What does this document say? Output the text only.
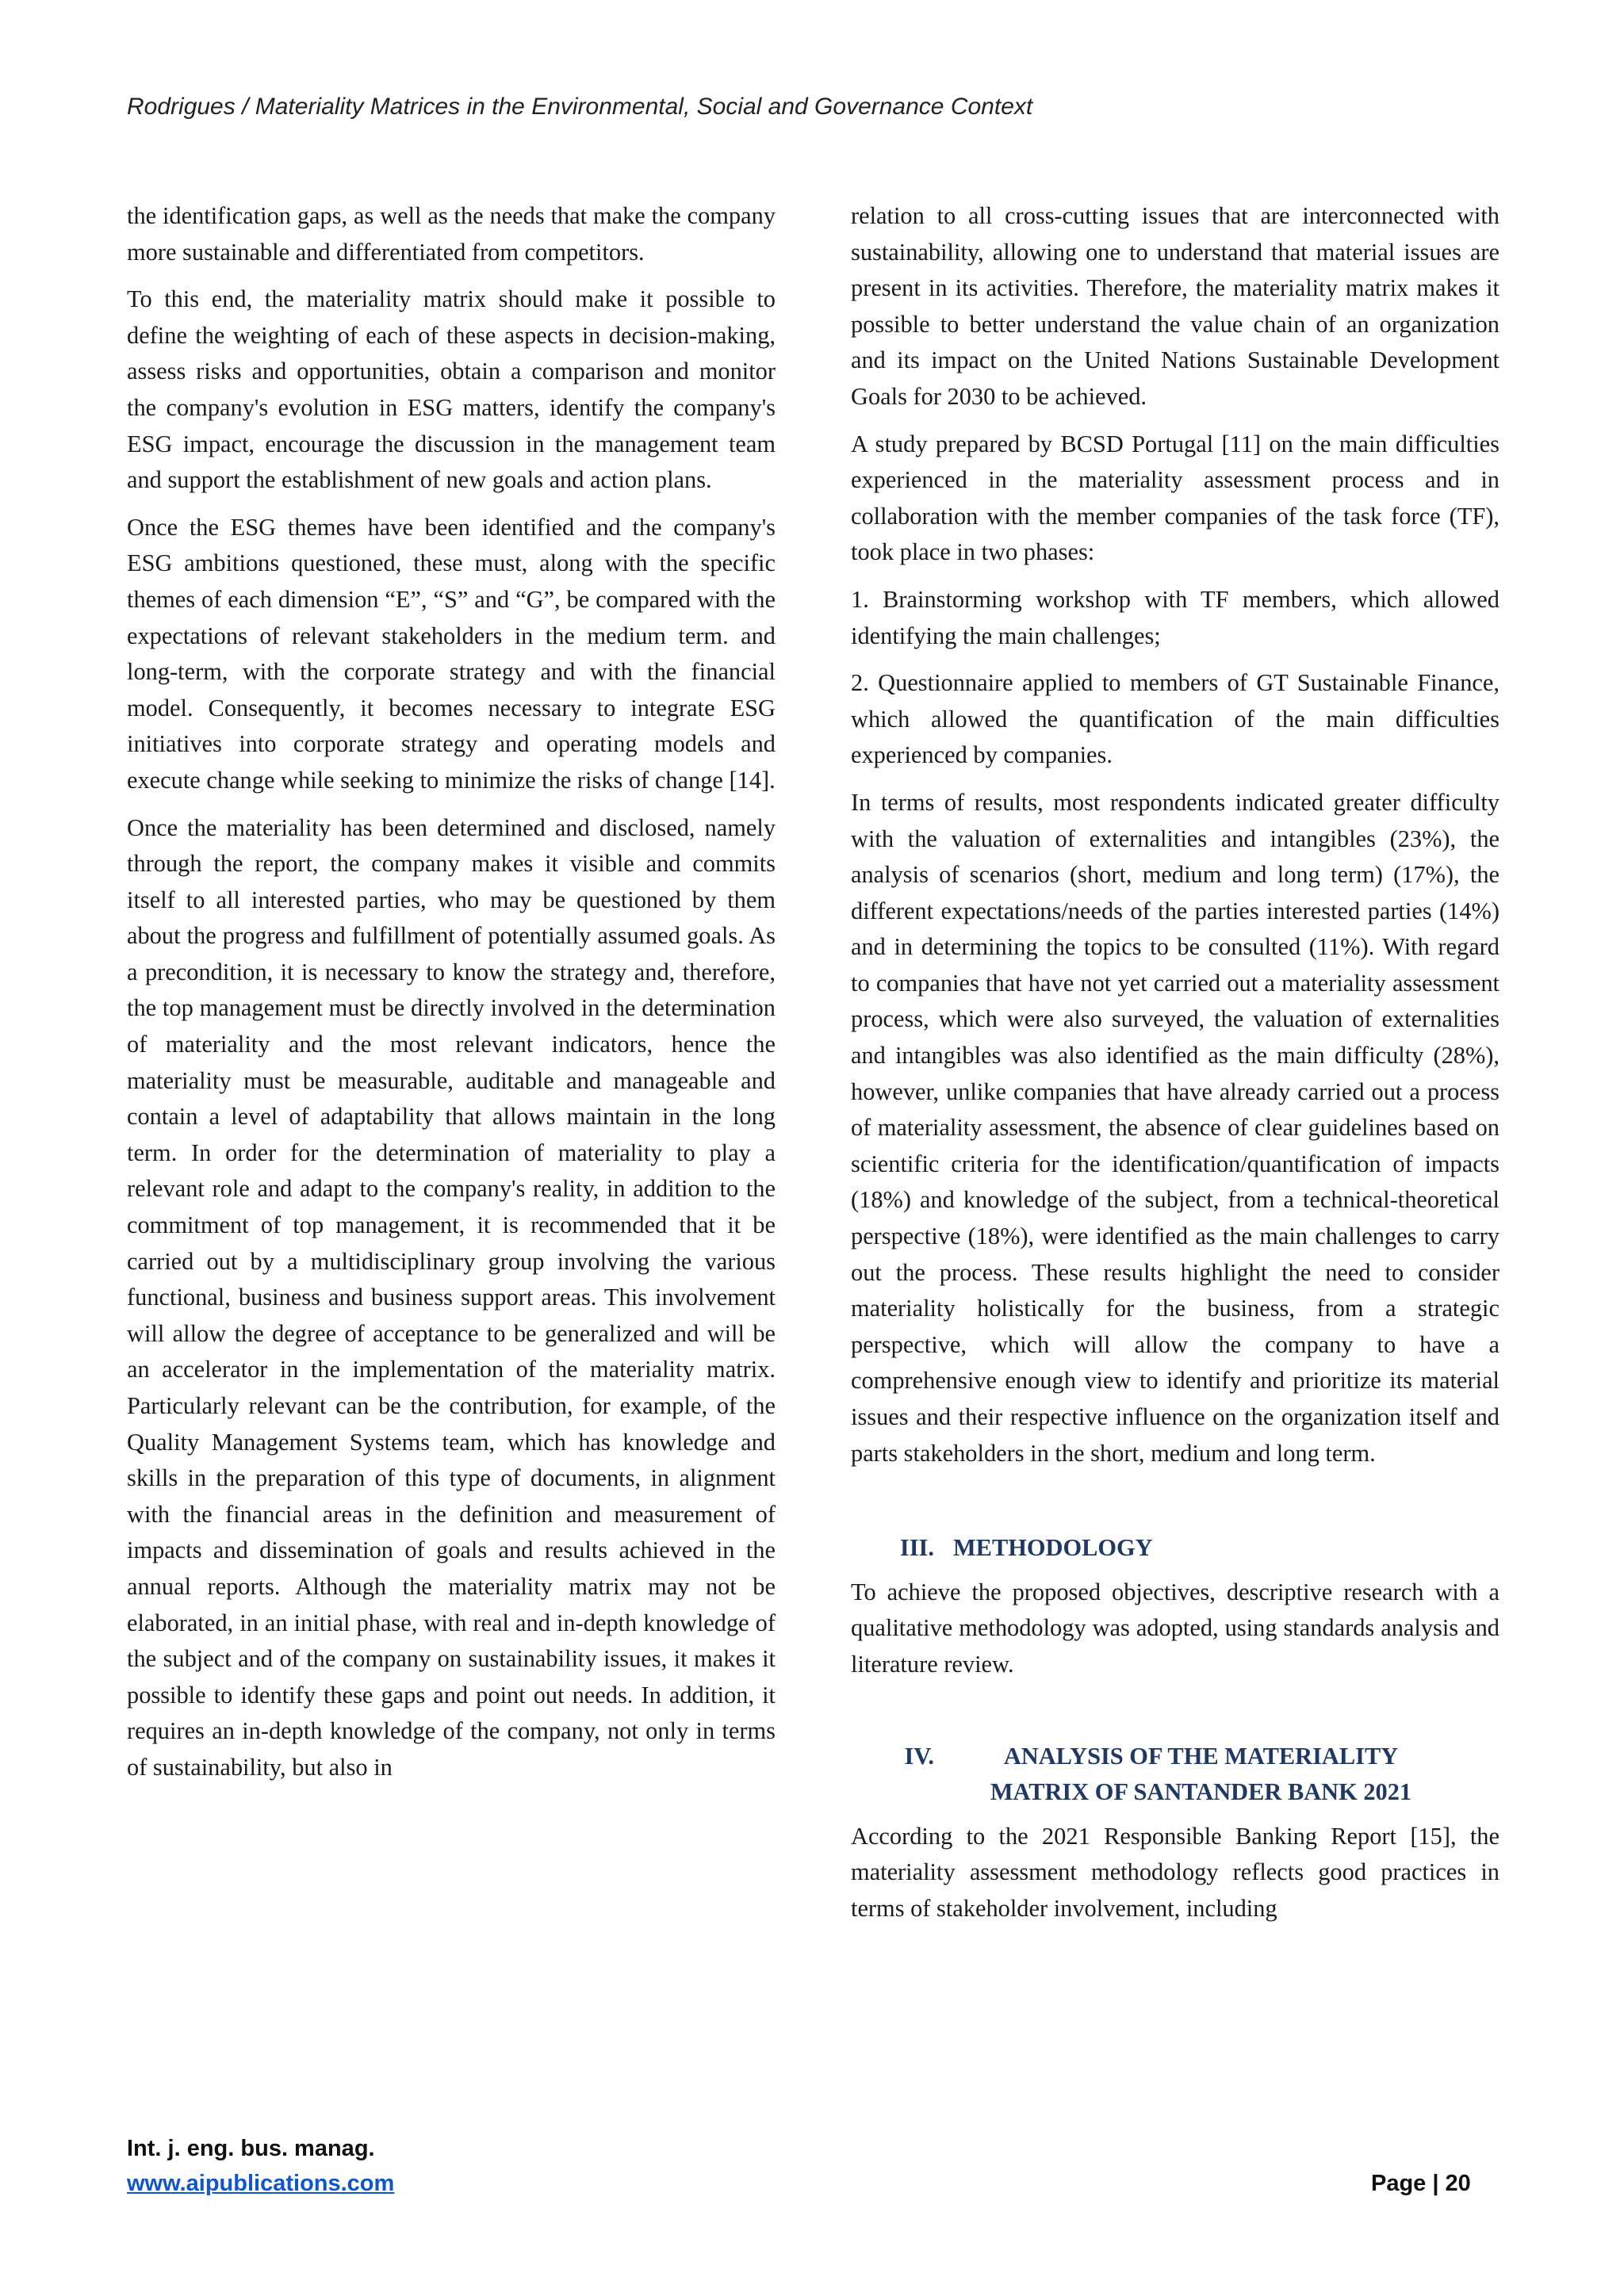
Rodrigues / Materiality Matrices in the Environmental, Social and Governance Context

the identification gaps, as well as the needs that make the company more sustainable and differentiated from competitors.

To this end, the materiality matrix should make it possible to define the weighting of each of these aspects in decision-making, assess risks and opportunities, obtain a comparison and monitor the company's evolution in ESG matters, identify the company's ESG impact, encourage the discussion in the management team and support the establishment of new goals and action plans.

Once the ESG themes have been identified and the company's ESG ambitions questioned, these must, along with the specific themes of each dimension “E”, “S” and “G”, be compared with the expectations of relevant stakeholders in the medium term. and long-term, with the corporate strategy and with the financial model. Consequently, it becomes necessary to integrate ESG initiatives into corporate strategy and operating models and execute change while seeking to minimize the risks of change [14].

Once the materiality has been determined and disclosed, namely through the report, the company makes it visible and commits itself to all interested parties, who may be questioned by them about the progress and fulfillment of potentially assumed goals. As a precondition, it is necessary to know the strategy and, therefore, the top management must be directly involved in the determination of materiality and the most relevant indicators, hence the materiality must be measurable, auditable and manageable and contain a level of adaptability that allows maintain in the long term. In order for the determination of materiality to play a relevant role and adapt to the company's reality, in addition to the commitment of top management, it is recommended that it be carried out by a multidisciplinary group involving the various functional, business and business support areas. This involvement will allow the degree of acceptance to be generalized and will be an accelerator in the implementation of the materiality matrix. Particularly relevant can be the contribution, for example, of the Quality Management Systems team, which has knowledge and skills in the preparation of this type of documents, in alignment with the financial areas in the definition and measurement of impacts and dissemination of goals and results achieved in the annual reports. Although the materiality matrix may not be elaborated, in an initial phase, with real and in-depth knowledge of the subject and of the company on sustainability issues, it makes it possible to identify these gaps and point out needs. In addition, it requires an in-depth knowledge of the company, not only in terms of sustainability, but also in

relation to all cross-cutting issues that are interconnected with sustainability, allowing one to understand that material issues are present in its activities. Therefore, the materiality matrix makes it possible to better understand the value chain of an organization and its impact on the United Nations Sustainable Development Goals for 2030 to be achieved.

A study prepared by BCSD Portugal [11] on the main difficulties experienced in the materiality assessment process and in collaboration with the member companies of the task force (TF), took place in two phases:

1. Brainstorming workshop with TF members, which allowed identifying the main challenges;

2. Questionnaire applied to members of GT Sustainable Finance, which allowed the quantification of the main difficulties experienced by companies.

In terms of results, most respondents indicated greater difficulty with the valuation of externalities and intangibles (23%), the analysis of scenarios (short, medium and long term) (17%), the different expectations/needs of the parties interested parties (14%) and in determining the topics to be consulted (11%). With regard to companies that have not yet carried out a materiality assessment process, which were also surveyed, the valuation of externalities and intangibles was also identified as the main difficulty (28%), however, unlike companies that have already carried out a process of materiality assessment, the absence of clear guidelines based on scientific criteria for the identification/quantification of impacts (18%) and knowledge of the subject, from a technical-theoretical perspective (18%), were identified as the main challenges to carry out the process. These results highlight the need to consider materiality holistically for the business, from a strategic perspective, which will allow the company to have a comprehensive enough view to identify and prioritize its material issues and their respective influence on the organization itself and parts stakeholders in the short, medium and long term.

III. METHODOLOGY

To achieve the proposed objectives, descriptive research with a qualitative methodology was adopted, using standards analysis and literature review.

IV.	ANALYSIS OF THE MATERIALITY
MATRIX OF SANTANDER BANK 2021

According to the 2021 Responsible Banking Report [15], the materiality assessment methodology reflects good practices in terms of stakeholder involvement, including

Int. j. eng. bus. manag.
www.aipublications.com	Page | 20
